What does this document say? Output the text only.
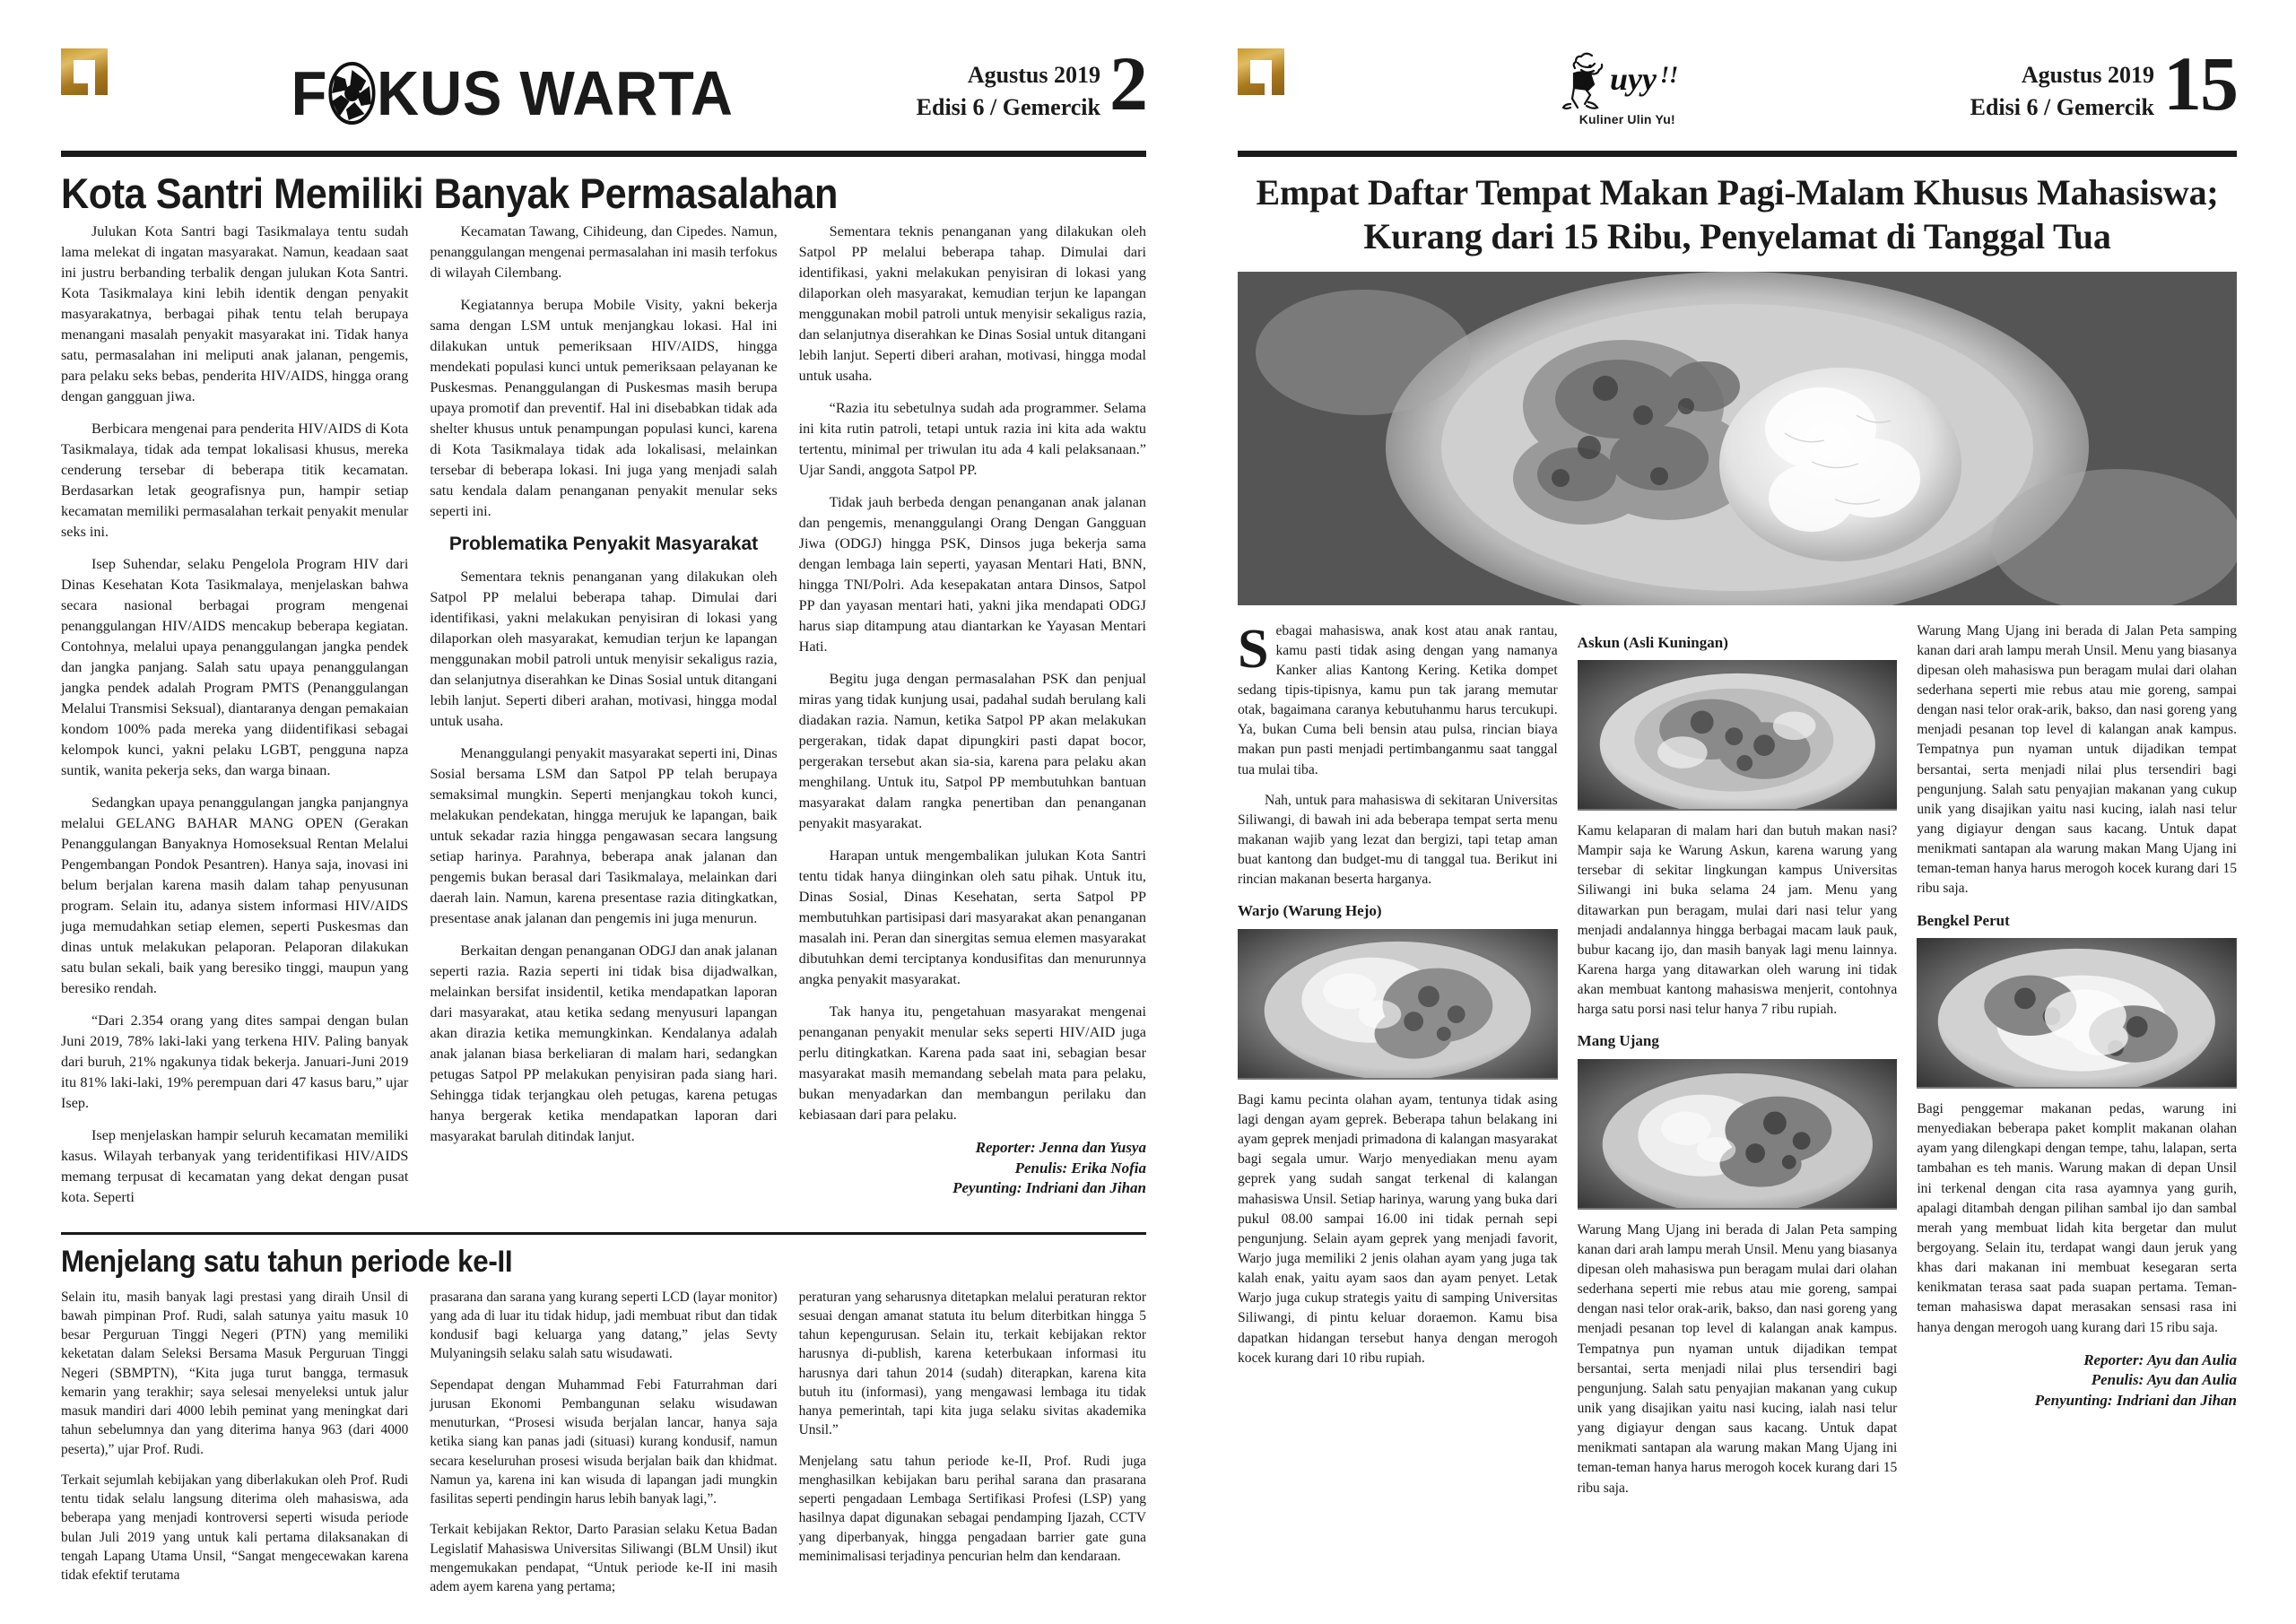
F KUS WARTA	Agustus 2019
Edisi 6 / Gemercik 2
Kota Santri Memiliki Banyak Permasalahan

Julukan Kota Santri bagi Tasikmalaya tentu sudah lama melekat di ingatan masyarakat. Namun, keadaan saat ini justru berbanding terbalik dengan julukan Kota Santri. Kota Tasikmalaya kini lebih identik dengan penyakit masyarakatnya, berbagai pihak tentu telah berupaya menangani masalah penyakit masyarakat ini. Tidak hanya satu, permasalahan ini meliputi anak jalanan, pengemis, para pelaku seks bebas, penderita HIV/AIDS, hingga orang dengan gangguan jiwa.

Berbicara mengenai para penderita HIV/AIDS di Kota Tasikmalaya, tidak ada tempat lokalisasi khusus, mereka cenderung tersebar di beberapa titik kecamatan. Berdasarkan letak geografisnya pun, hampir setiap kecamatan memiliki permasalahan terkait penyakit menular seks ini.

Isep Suhendar, selaku Pengelola Program HIV dari Dinas Kesehatan Kota Tasikmalaya, menjelaskan bahwa secara nasional berbagai program mengenai penanggulangan HIV/AIDS mencakup beberapa kegiatan. Contohnya, melalui upaya penanggulangan jangka pendek dan jangka panjang. Salah satu upaya penanggulangan jangka pendek adalah Program PMTS (Penanggulangan Melalui Transmisi Seksual), diantaranya dengan pemakaian kondom 100% pada mereka yang diidentifikasi sebagai kelompok kunci, yakni pelaku LGBT, pengguna napza suntik, wanita pekerja seks, dan warga binaan.

Sedangkan upaya penanggulangan jangka panjangnya melalui GELANG BAHAR MANG OPEN (Gerakan Penanggulangan Banyaknya Homoseksual Rentan Melalui Pengembangan Pondok Pesantren). Hanya saja, inovasi ini belum berjalan karena masih dalam tahap penyusunan program. Selain itu, adanya sistem informasi HIV/AIDS juga memudahkan setiap elemen, seperti Puskesmas dan dinas untuk melakukan pelaporan. Pelaporan dilakukan satu bulan sekali, baik yang beresiko tinggi, maupun yang beresiko rendah.

“Dari 2.354 orang yang dites sampai dengan bulan Juni 2019, 78% laki-laki yang terkena HIV. Paling banyak dari buruh, 21% ngakunya tidak bekerja. Januari-Juni 2019 itu 81% laki-laki, 19% perempuan dari 47 kasus baru,” ujar Isep.

Isep menjelaskan hampir seluruh kecamatan memiliki kasus. Wilayah terbanyak yang teridentifikasi HIV/AIDS memang terpusat di kecamatan yang dekat dengan pusat kota. Seperti

Kecamatan Tawang, Cihideung, dan Cipedes. Namun, penanggulangan mengenai permasalahan ini masih terfokus di wilayah Cilembang.

Kegiatannya berupa Mobile Visity, yakni bekerja sama dengan LSM untuk menjangkau lokasi. Hal ini dilakukan untuk pemeriksaan HIV/AIDS, hingga mendekati populasi kunci untuk pemeriksaan pelayanan ke Puskesmas. Penanggulangan di Puskesmas masih berupa upaya promotif dan preventif. Hal ini disebabkan tidak ada shelter khusus untuk penampungan populasi kunci, karena di Kota Tasikmalaya tidak ada lokalisasi, melainkan tersebar di beberapa lokasi. Ini juga yang menjadi salah satu kendala dalam penanganan penyakit menular seks seperti ini.

Problematika Penyakit Masyarakat

Sementara teknis penanganan yang dilakukan oleh Satpol PP melalui beberapa tahap. Dimulai dari identifikasi, yakni melakukan penyisiran di lokasi yang dilaporkan oleh masyarakat, kemudian terjun ke lapangan menggunakan mobil patroli untuk menyisir sekaligus razia, dan selanjutnya diserahkan ke Dinas Sosial untuk ditangani lebih lanjut. Seperti diberi arahan, motivasi, hingga modal untuk usaha.

Menanggulangi penyakit masyarakat seperti ini, Dinas Sosial bersama LSM dan Satpol PP telah berupaya semaksimal mungkin. Seperti menjangkau tokoh kunci, melakukan pendekatan, hingga merujuk ke lapangan, baik untuk sekadar razia hingga pengawasan secara langsung setiap harinya. Parahnya, beberapa anak jalanan dan pengemis bukan berasal dari Tasikmalaya, melainkan dari daerah lain. Namun, karena presentase razia ditingkatkan, presentase anak jalanan dan pengemis ini juga menurun.

Berkaitan dengan penanganan ODGJ dan anak jalanan seperti razia. Razia seperti ini tidak bisa dijadwalkan, melainkan bersifat insidentil, ketika mendapatkan laporan dari masyarakat, atau ketika sedang menyusuri lapangan akan dirazia ketika memungkinkan. Kendalanya adalah anak jalanan biasa berkeliaran di malam hari, sedangkan petugas Satpol PP melakukan penyisiran pada siang hari. Sehingga tidak terjangkau oleh petugas, karena petugas hanya bergerak ketika mendapatkan laporan dari masyarakat barulah ditindak lanjut.

Sementara teknis penanganan yang dilakukan oleh Satpol PP melalui beberapa tahap. Dimulai dari identifikasi, yakni melakukan penyisiran di lokasi yang dilaporkan oleh masyarakat, kemudian terjun ke lapangan menggunakan mobil patroli untuk menyisir sekaligus razia, dan selanjutnya diserahkan ke Dinas Sosial untuk ditangani lebih lanjut. Seperti diberi arahan, motivasi, hingga modal untuk usaha.

“Razia itu sebetulnya sudah ada programmer. Selama ini kita rutin patroli, tetapi untuk razia ini kita ada waktu tertentu, minimal per triwulan itu ada 4 kali pelaksanaan.” Ujar Sandi, anggota Satpol PP.

Tidak jauh berbeda dengan penanganan anak jalanan dan pengemis, menanggulangi Orang Dengan Gangguan Jiwa (ODGJ) hingga PSK, Dinsos juga bekerja sama dengan lembaga lain seperti, yayasan Mentari Hati, BNN, hingga TNI/Polri. Ada kesepakatan antara Dinsos, Satpol PP dan yayasan mentari hati, yakni jika mendapati ODGJ harus siap ditampung atau diantarkan ke Yayasan Mentari Hati.

Begitu juga dengan permasalahan PSK dan penjual miras yang tidak kunjung usai, padahal sudah berulang kali diadakan razia. Namun, ketika Satpol PP akan melakukan pergerakan, tidak dapat dipungkiri pasti dapat bocor, pergerakan tersebut akan sia-sia, karena para pelaku akan menghilang. Untuk itu, Satpol PP membutuhkan bantuan masyarakat dalam rangka penertiban dan penanganan penyakit masyarakat.

Harapan untuk mengembalikan julukan Kota Santri tentu tidak hanya diinginkan oleh satu pihak. Untuk itu, Dinas Sosial, Dinas Kesehatan, serta Satpol PP membutuhkan partisipasi dari masyarakat akan penanganan masalah ini. Peran dan sinergitas semua elemen masyarakat dibutuhkan demi terciptanya kondusifitas dan menurunnya angka penyakit masyarakat.

Tak hanya itu, pengetahuan masyarakat mengenai penanganan penyakit menular seks seperti HIV/AID juga perlu ditingkatkan. Karena pada saat ini, sebagian besar masyarakat masih memandang sebelah mata para pelaku, bukan menyadarkan dan membangun perilaku dan kebiasaan dari para pelaku.

Reporter: Jenna dan Yusya
Penulis: Erika Nofia
Peyunting: Indriani dan Jihan
Menjelang satu tahun periode ke-II

Selain itu, masih banyak lagi prestasi yang diraih Unsil di bawah pimpinan Prof. Rudi, salah satunya yaitu masuk 10 besar Perguruan Tinggi Negeri (PTN) yang memiliki keketatan dalam Seleksi Bersama Masuk Perguruan Tinggi Negeri (SBMPTN), “Kita juga turut bangga, termasuk kemarin yang terakhir; saya selesai menyeleksi untuk jalur masuk mandiri dari 4000 lebih peminat yang meningkat dari tahun sebelumnya dan yang diterima hanya 963 (dari 4000 peserta),” ujar Prof. Rudi.

Terkait sejumlah kebijakan yang diberlakukan oleh Prof. Rudi tentu tidak selalu langsung diterima oleh mahasiswa, ada beberapa yang menjadi kontroversi seperti wisuda periode bulan Juli 2019 yang untuk kali pertama dilaksanakan di tengah Lapang Utama Unsil, “Sangat mengecewakan karena tidak efektif terutama

prasarana dan sarana yang kurang seperti LCD (layar monitor) yang ada di luar itu tidak hidup, jadi membuat ribut dan tidak kondusif bagi keluarga yang datang,” jelas Sevty Mulyaningsih selaku salah satu wisudawati.

Sependapat dengan Muhammad Febi Faturrahman dari jurusan Ekonomi Pembangunan selaku wisudawan menuturkan, “Prosesi wisuda berjalan lancar, hanya saja ketika siang kan panas jadi (situasi) kurang kondusif, namun secara keseluruhan prosesi wisuda berjalan baik dan khidmat. Namun ya, karena ini kan wisuda di lapangan jadi mungkin fasilitas seperti pendingin harus lebih banyak lagi,”.

Terkait kebijakan Rektor, Darto Parasian selaku Ketua Badan Legislatif Mahasiswa Universitas Siliwangi (BLM Unsil) ikut mengemukakan pendapat, “Untuk periode ke-II ini masih adem ayem karena yang pertama;

peraturan yang seharusnya ditetapkan melalui peraturan rektor sesuai dengan amanat statuta itu belum diterbitkan hingga 5 tahun kepengurusan. Selain itu, terkait kebijakan rektor harusnya di-publish, karena keterbukaan informasi itu harusnya dari tahun 2014 (sudah) diterapkan, karena kita butuh itu (informasi), yang mengawasi lembaga itu tidak hanya pemerintah, tapi kita juga selaku sivitas akademika Unsil.”

Menjelang satu tahun periode ke-II, Prof. Rudi juga menghasilkan kebijakan baru perihal sarana dan prasarana seperti pengadaan Lembaga Sertifikasi Profesi (LSP) yang hasilnya dapat digunakan sebagai pendamping Ijazah, CCTV yang diperbanyak, hingga pengadaan barrier gate guna meminimalisasi terjadinya pencurian helm dan kendaraan.

uyy !!
Kuliner Ulin Yu!
Agustus 2019
Edisi 6 / Gemercik 15
Empat Daftar Tempat Makan Pagi-Malam Khusus Mahasiswa; Kurang dari 15 Ribu, Penyelamat di Tanggal Tua

Sebagai mahasiswa, anak kost atau anak rantau, kamu pasti tidak asing dengan yang namanya Kanker alias Kantong Kering. Ketika dompet sedang tipis-tipisnya, kamu pun tak jarang memutar otak, bagaimana caranya kebutuhanmu harus tercukupi. Ya, bukan Cuma beli bensin atau pulsa, rincian biaya makan pun pasti menjadi pertimbanganmu saat tanggal tua mulai tiba.

Nah, untuk para mahasiswa di sekitaran Universitas Siliwangi, di bawah ini ada beberapa tempat serta menu makanan wajib yang lezat dan bergizi, tapi tetap aman buat kantong dan budget-mu di tanggal tua. Berikut ini rincian makanan beserta harganya.

Warjo (Warung Hejo)

Bagi kamu pecinta olahan ayam, tentunya tidak asing lagi dengan ayam geprek. Beberapa tahun belakang ini ayam geprek menjadi primadona di kalangan masyarakat bagi segala umur. Warjo menyediakan menu ayam geprek yang sudah sangat terkenal di kalangan mahasiswa Unsil. Setiap harinya, warung yang buka dari pukul 08.00 sampai 16.00 ini tidak pernah sepi pengunjung. Selain ayam geprek yang menjadi favorit, Warjo juga memiliki 2 jenis olahan ayam yang juga tak kalah enak, yaitu ayam saos dan ayam penyet. Letak Warjo juga cukup strategis yaitu di samping Universitas Siliwangi, di pintu keluar doraemon. Kamu bisa dapatkan hidangan tersebut hanya dengan merogoh kocek kurang dari 10 ribu rupiah.

Askun (Asli Kuningan)

Kamu kelaparan di malam hari dan butuh makan nasi? Mampir saja ke Warung Askun, karena warung yang tersebar di sekitar lingkungan kampus Universitas Siliwangi ini buka selama 24 jam. Menu yang ditawarkan pun beragam, mulai dari nasi telur yang menjadi andalannya hingga berbagai macam lauk pauk, bubur kacang ijo, dan masih banyak lagi menu lainnya. Karena harga yang ditawarkan oleh warung ini tidak akan membuat kantong mahasiswa menjerit, contohnya harga satu porsi nasi telur hanya 7 ribu rupiah.

Mang Ujang

Warung Mang Ujang ini berada di Jalan Peta samping kanan dari arah lampu merah Unsil. Menu yang biasanya dipesan oleh mahasiswa pun beragam mulai dari olahan sederhana seperti mie rebus atau mie goreng, sampai dengan nasi telor orak-arik, bakso, dan nasi goreng yang menjadi pesanan top level di kalangan anak kampus. Tempatnya pun nyaman untuk dijadikan tempat bersantai, serta menjadi nilai plus tersendiri bagi pengunjung. Salah satu penyajian makanan yang cukup unik yang disajikan yaitu nasi kucing, ialah nasi telur yang digiayur dengan saus kacang. Untuk dapat menikmati santapan ala warung makan Mang Ujang ini teman-teman hanya harus merogoh kocek kurang dari 15 ribu saja.

Warung Mang Ujang ini berada di Jalan Peta samping kanan dari arah lampu merah Unsil. Menu yang biasanya dipesan oleh mahasiswa pun beragam mulai dari olahan sederhana seperti mie rebus atau mie goreng, sampai dengan nasi telor orak-arik, bakso, dan nasi goreng yang menjadi pesanan top level di kalangan anak kampus. Tempatnya pun nyaman untuk dijadikan tempat bersantai, serta menjadi nilai plus tersendiri bagi pengunjung. Salah satu penyajian makanan yang cukup unik yang disajikan yaitu nasi kucing, ialah nasi telur yang digiayur dengan saus kacang. Untuk dapat menikmati santapan ala warung makan Mang Ujang ini teman-teman hanya harus merogoh kocek kurang dari 15 ribu saja.

Bengkel Perut

Bagi penggemar makanan pedas, warung ini menyediakan beberapa paket komplit makanan olahan ayam yang dilengkapi dengan tempe, tahu, lalapan, serta tambahan es teh manis. Warung makan di depan Unsil ini terkenal dengan cita rasa ayamnya yang gurih, apalagi ditambah dengan pilihan sambal ijo dan sambal merah yang membuat lidah kita bergetar dan mulut bergoyang. Selain itu, terdapat wangi daun jeruk yang khas dari makanan ini membuat kesegaran serta kenikmatan terasa saat pada suapan pertama. Teman-teman mahasiswa dapat merasakan sensasi rasa ini hanya dengan merogoh uang kurang dari 15 ribu saja.

Reporter: Ayu dan Aulia
Penulis: Ayu dan Aulia
Penyunting: Indriani dan Jihan
